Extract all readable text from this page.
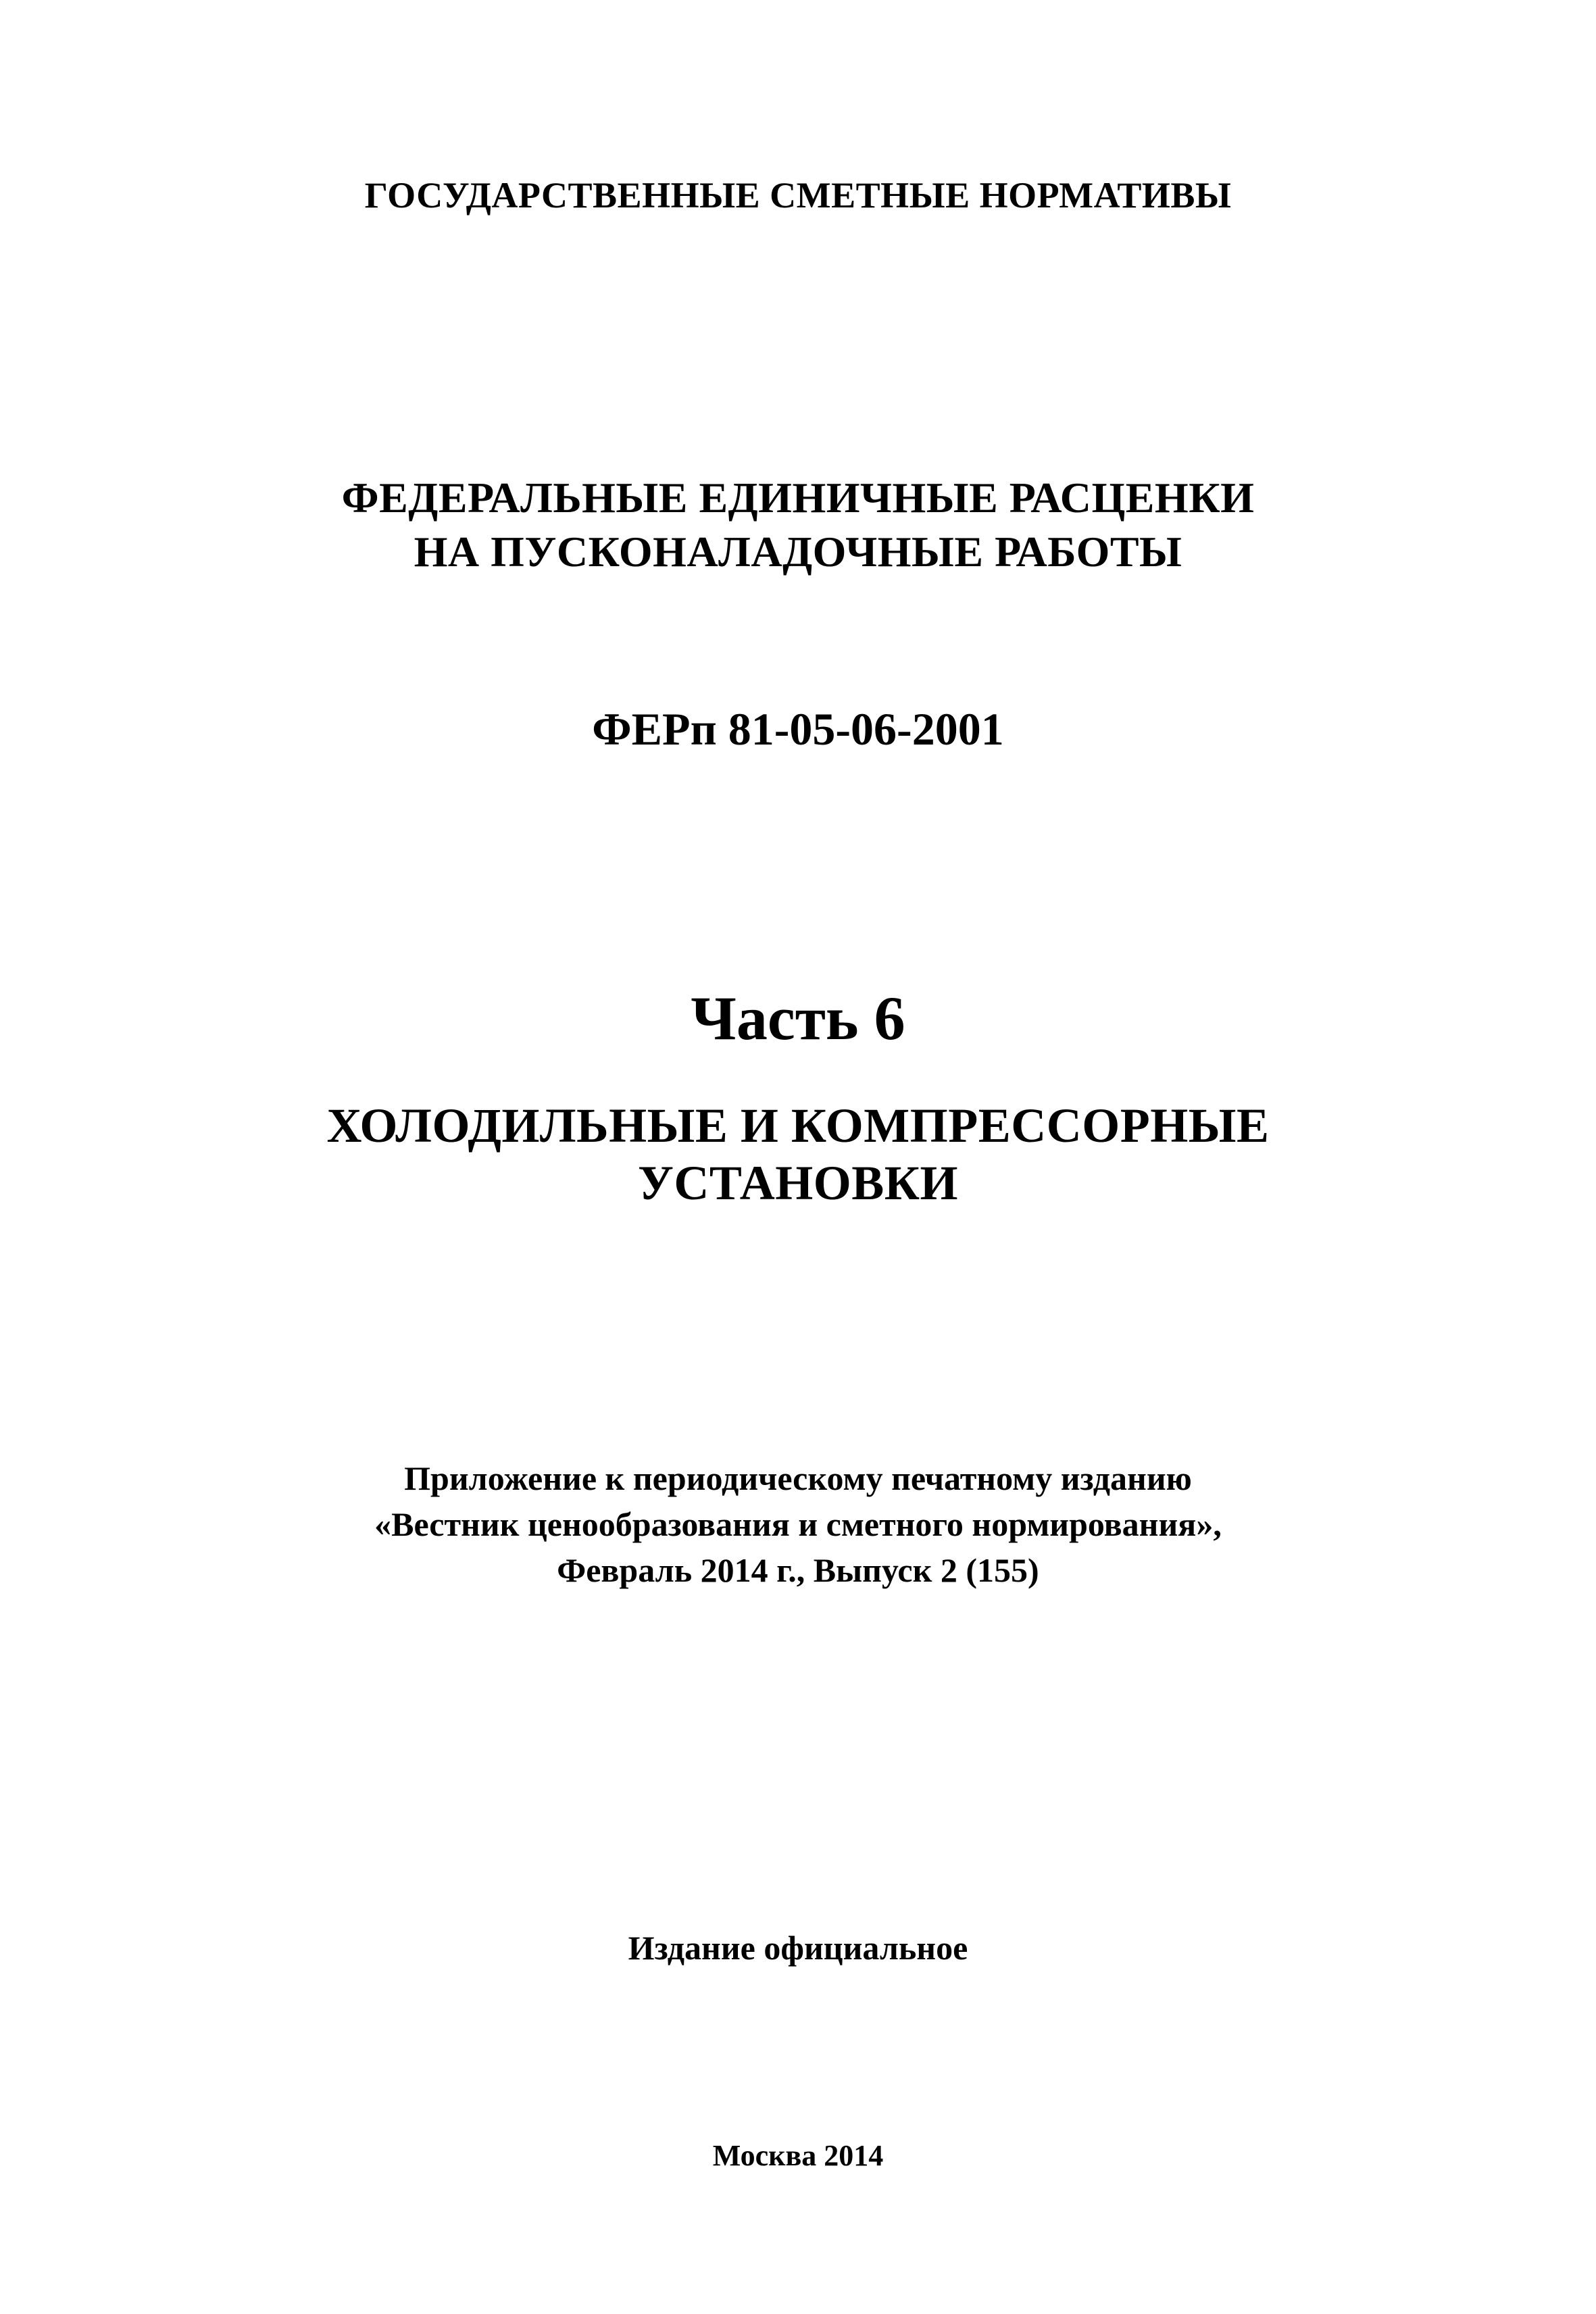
ГОСУДАРСТВЕННЫЕ СМЕТНЫЕ НОРМАТИВЫ

ФЕДЕРАЛЬНЫЕ ЕДИНИЧНЫЕ РАСЦЕНКИ

НА ПУСКОНАЛАДОЧНЫЕ РАБОТЫ

ФЕРп 81-05-06-2001

Часть 6

ХОЛОДИЛЬНЫЕ И КОМПРЕССОРНЫЕ

УСТАНОВКИ

Приложение к периодическому печатному изданию

«Вестник ценообразования и сметного нормирования»,

Февраль 2014 г., Выпуск 2 (155)

Издание официальное

Москва 2014
